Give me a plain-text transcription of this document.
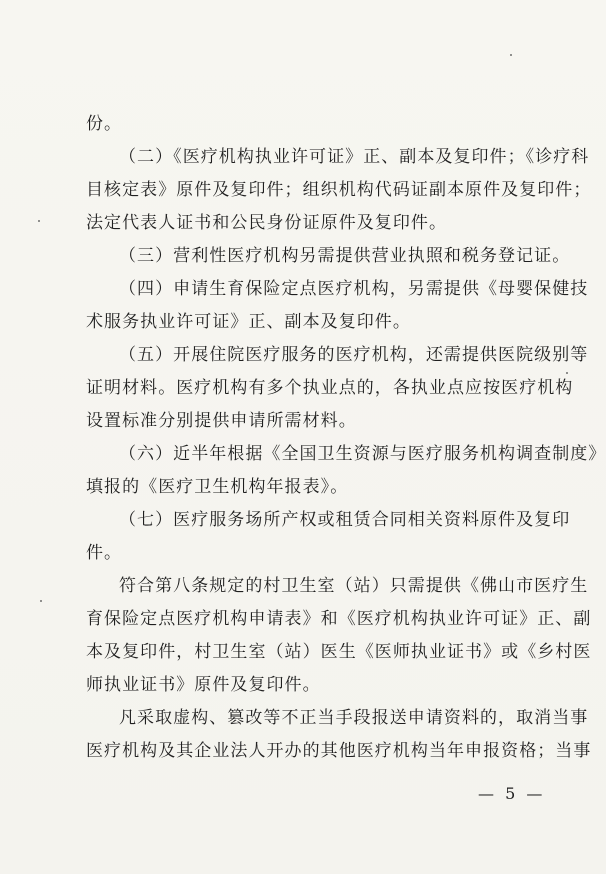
份。
（二）《医疗机构执业许可证》正、副本及复印件；《诊疗科
目核定表》原件及复印件；组织机构代码证副本原件及复印件；
法定代表人证书和公民身份证原件及复印件。
（三）营利性医疗机构另需提供营业执照和税务登记证。
（四）申请生育保险定点医疗机构，另需提供《母婴保健技
术服务执业许可证》正、副本及复印件。
（五）开展住院医疗服务的医疗机构，还需提供医院级别等
证明材料。医疗机构有多个执业点的，各执业点应按医疗机构
设置标准分别提供申请所需材料。
（六）近半年根据《全国卫生资源与医疗服务机构调查制度》
填报的《医疗卫生机构年报表》。
（七）医疗服务场所产权或租赁合同相关资料原件及复印
件。
符合第八条规定的村卫生室（站）只需提供《佛山市医疗生
育保险定点医疗机构申请表》和《医疗机构执业许可证》正、副
本及复印件，村卫生室（站）医生《医师执业证书》或《乡村医
师执业证书》原件及复印件。
凡采取虚构、篡改等不正当手段报送申请资料的，取消当事
医疗机构及其企业法人开办的其他医疗机构当年申报资格；当事
— 5 —
